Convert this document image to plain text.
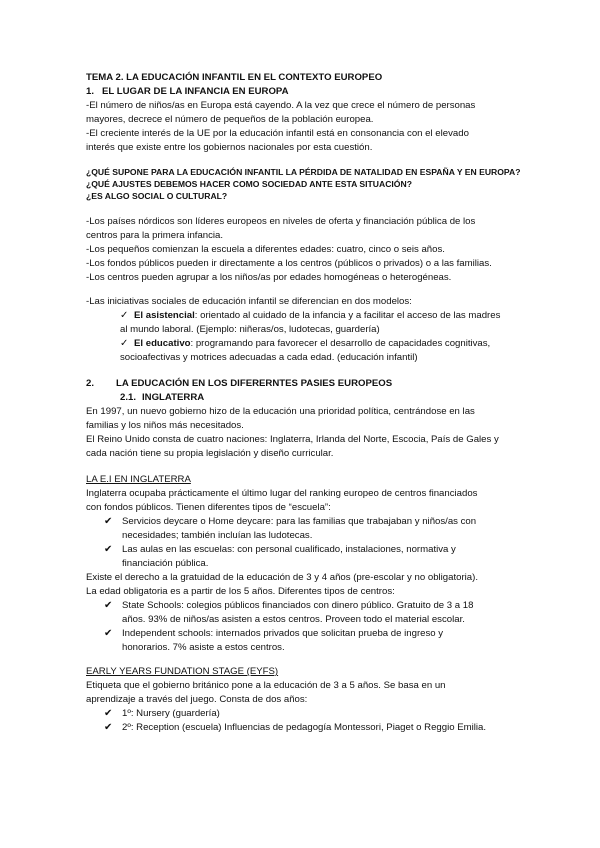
TEMA 2. LA EDUCACIÓN INFANTIL EN EL CONTEXTO EUROPEO
1. EL LUGAR DE LA INFANCIA EN EUROPA
-El número de niños/as en Europa está cayendo. A la vez que crece el número de personas
mayores, decrece el número de pequeños de la población europea.
-El creciente interés de la UE por la educación infantil está en consonancia con el elevado
interés que existe entre los gobiernos nacionales por esta cuestión.
¿QUÉ SUPONE PARA LA EDUCACIÓN INFANTIL LA PÉRDIDA DE NATALIDAD EN ESPAÑA Y EN EUROPA?
¿QUÉ AJUSTES DEBEMOS HACER COMO SOCIEDAD ANTE ESTA SITUACIÓN?
¿ES ALGO SOCIAL O CULTURAL?
-Los países nórdicos son líderes europeos en niveles de oferta y financiación pública de los
centros para la primera infancia.
-Los pequeños comienzan la escuela a diferentes edades: cuatro, cinco o seis años.
-Los fondos públicos pueden ir directamente a los centros (públicos o privados) o a las familias.
-Los centros pueden agrupar a los niños/as por edades homogéneas o heterogéneas.
-Las iniciativas sociales de educación infantil se diferencian en dos modelos:
✓ El asistencial: orientado al cuidado de la infancia y a facilitar el acceso de las madres
al mundo laboral. (Ejemplo: niñeras/os, ludotecas, guardería)
✓ El educativo: programando para favorecer el desarrollo de capacidades cognitivas,
socioafectivas y motrices adecuadas a cada edad. (educación infantil)
2. LA EDUCACIÓN EN LOS DIFERERNTES PASIES EUROPEOS
2.1. INGLATERRA
En 1997, un nuevo gobierno hizo de la educación una prioridad política, centrándose en las
familias y los niños más necesitados.
El Reino Unido consta de cuatro naciones: Inglaterra, Irlanda del Norte, Escocia, País de Gales y
cada nación tiene su propia legislación y diseño curricular.
LA E.I EN INGLATERRA
Inglaterra ocupaba prácticamente el último lugar del ranking europeo de centros financiados
con fondos públicos. Tienen diferentes tipos de “escuela”:
✔ Servicios deycare o Home deycare: para las familias que trabajaban y niños/as con
necesidades; también incluían las ludotecas.
✔ Las aulas en las escuelas: con personal cualificado, instalaciones, normativa y
financiación pública.
Existe el derecho a la gratuidad de la educación de 3 y 4 años (pre-escolar y no obligatoria).
La edad obligatoria es a partir de los 5 años. Diferentes tipos de centros:
✔ State Schools: colegios públicos financiados con dinero público. Gratuito de 3 a 18
años. 93% de niños/as asisten a estos centros. Proveen todo el material escolar.
✔ Independent schools: internados privados que solicitan prueba de ingreso y
honorarios. 7% asiste a estos centros.
EARLY YEARS FUNDATION STAGE (EYFS)
Etiqueta que el gobierno británico pone a la educación de 3 a 5 años. Se basa en un
aprendizaje a través del juego. Consta de dos años:
✔ 1º: Nursery (guardería)
✔ 2º: Reception (escuela) Influencias de pedagogía Montessori, Piaget o Reggio Emilia.
